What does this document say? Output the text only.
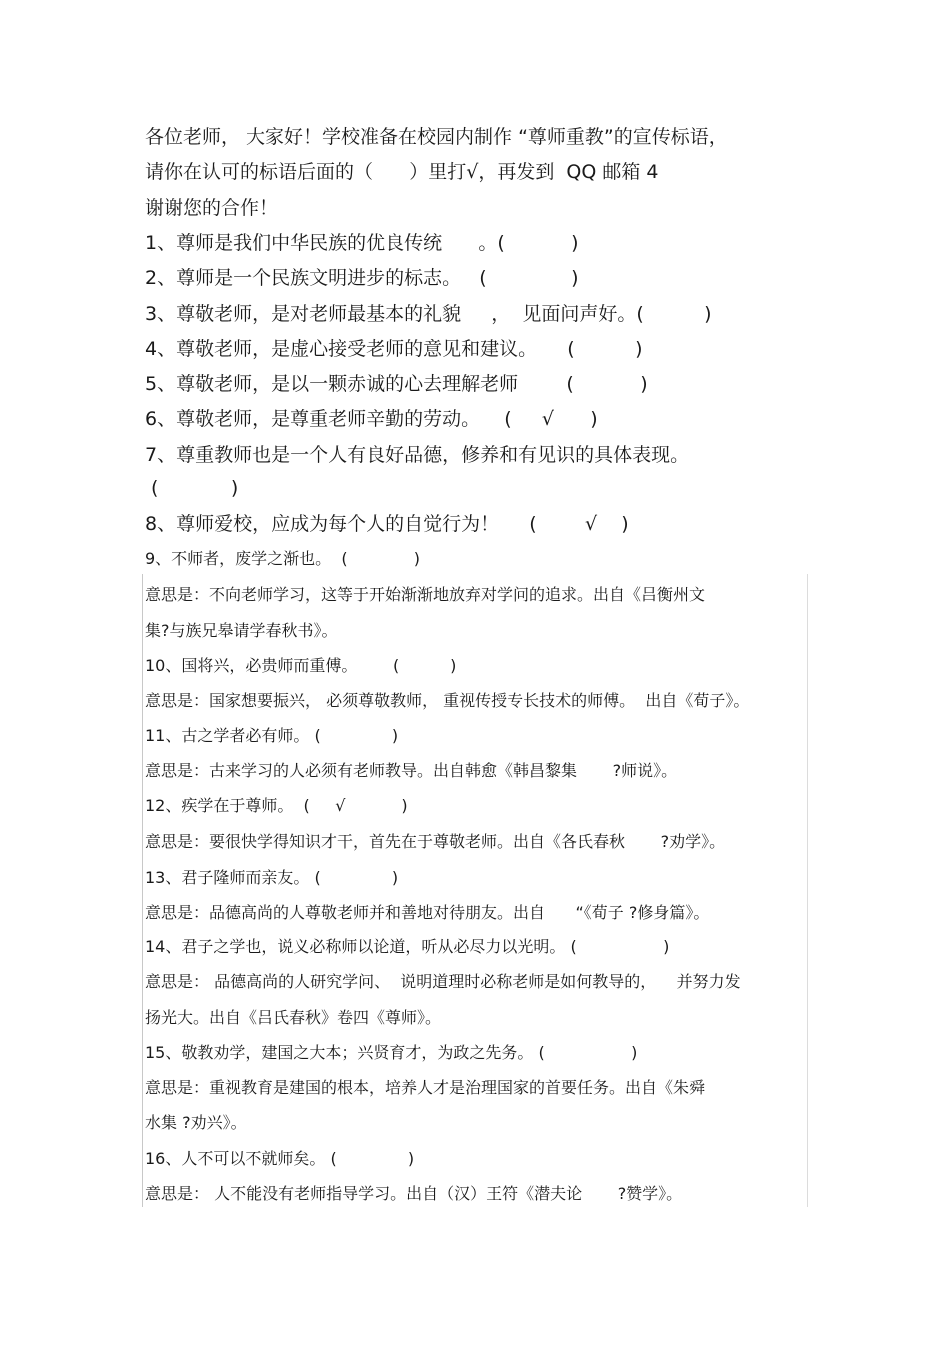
各位老师， 大家好！学校准备在校园内制作 “尊师重教”的宣传标语，
请你在认可的标语后面的（      ）里打√，再发到  QQ 邮箱 4
谢谢您的合作！
1、尊师是我们中华民族的优良传统      。(           )
2、尊师是一个民族文明进步的标志。   (              )
3、尊敬老师，是对老师最基本的礼貌     ，  见面问声好。(          )
4、尊敬老师，是虚心接受老师的意见和建议。     (          )
5、尊敬老师，是以一颗赤诚的心去理解老师        (           )
6、尊敬老师，是尊重老师辛勤的劳动。    (     √      )
7、尊重教师也是一个人有良好品德，修养和有见识的具体表现。
(            )
8、尊师爱校，应成为每个人的自觉行为！     (        √    )
9、不师者，废学之渐也。  (             )
意思是：不向老师学习，这等于开始渐渐地放弃对学问的追求。出自《吕衡州文
集?与族兄皋请学春秋书》。
10、国将兴，必贵师而重傅。       (          )
意思是：国家想要振兴， 必须尊敬教师， 重视传授专长技术的师傅。  出自《荀子》。
11、古之学者必有师。 (              )
意思是：古来学习的人必须有老师教导。出自韩愈《韩昌黎集       ?师说》。
12、疾学在于尊师。  (     √           )
意思是：要很快学得知识才干，首先在于尊敬老师。出自《各氏春秋       ?劝学》。
13、君子隆师而亲友。 (              )
意思是：品德高尚的人尊敬老师并和善地对待朋友。出自      “《荀子 ?修身篇》。
14、君子之学也，说义必称师以论道，听从必尽力以光明。 (                 )
意思是： 品德高尚的人研究学问、  说明道理时必称老师是如何教导的，    并努力发
扬光大。出自《吕氏春秋》卷四《尊师》。
15、敬教劝学，建国之大本；兴贤育才，为政之先务。 (                 )
意思是：重视教育是建国的根本，培养人才是治理国家的首要任务。出自《朱舜
水集 ?劝兴》。
16、人不可以不就师矣。 (              )
意思是： 人不能没有老师指导学习。出自（汉）王符《潜夫论       ?赞学》。
